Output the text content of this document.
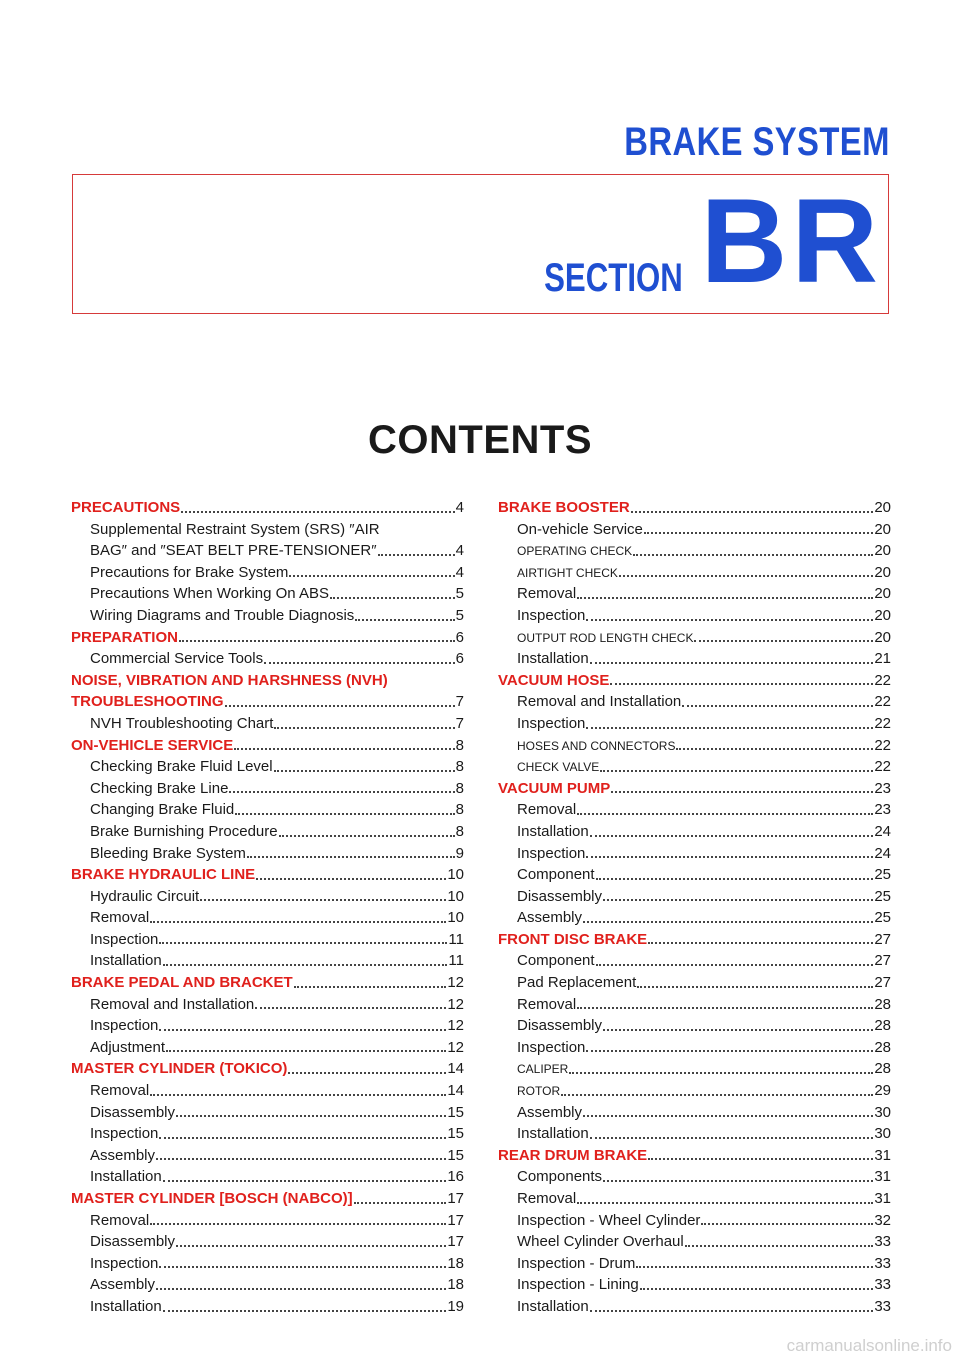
BRAKE SYSTEM
SECTION BR
CONTENTS
PRECAUTIONS	4
Supplemental Restraint System (SRS) ″AIR
BAG″ and ″SEAT BELT PRE-TENSIONER″	4
Precautions for Brake System	4
Precautions When Working On ABS	5
Wiring Diagrams and Trouble Diagnosis	5
PREPARATION	6
Commercial Service Tools	6
NOISE, VIBRATION AND HARSHNESS (NVH)
TROUBLESHOOTING	7
NVH Troubleshooting Chart	7
ON-VEHICLE SERVICE	8
Checking Brake Fluid Level	8
Checking Brake Line	8
Changing Brake Fluid	8
Brake Burnishing Procedure	8
Bleeding Brake System	9
BRAKE HYDRAULIC LINE	10
Hydraulic Circuit	10
Removal	10
Inspection	11
Installation	11
BRAKE PEDAL AND BRACKET	12
Removal and Installation	12
Inspection	12
Adjustment	12
MASTER CYLINDER (TOKICO)	14
Removal	14
Disassembly	15
Inspection	15
Assembly	15
Installation	16
MASTER CYLINDER [BOSCH (NABCO)]	17
Removal	17
Disassembly	17
Inspection	18
Assembly	18
Installation	19
BRAKE BOOSTER	20
On-vehicle Service	20
OPERATING CHECK	20
AIRTIGHT CHECK	20
Removal	20
Inspection	20
OUTPUT ROD LENGTH CHECK	20
Installation	21
VACUUM HOSE	22
Removal and Installation	22
Inspection	22
HOSES AND CONNECTORS	22
CHECK VALVE	22
VACUUM PUMP	23
Removal	23
Installation	24
Inspection	24
Component	25
Disassembly	25
Assembly	25
FRONT DISC BRAKE	27
Component	27
Pad Replacement	27
Removal	28
Disassembly	28
Inspection	28
CALIPER	28
ROTOR	29
Assembly	30
Installation	30
REAR DRUM BRAKE	31
Components	31
Removal	31
Inspection - Wheel Cylinder	32
Wheel Cylinder Overhaul	33
Inspection - Drum	33
Inspection - Lining	33
Installation	33
carmanualsonline.info
